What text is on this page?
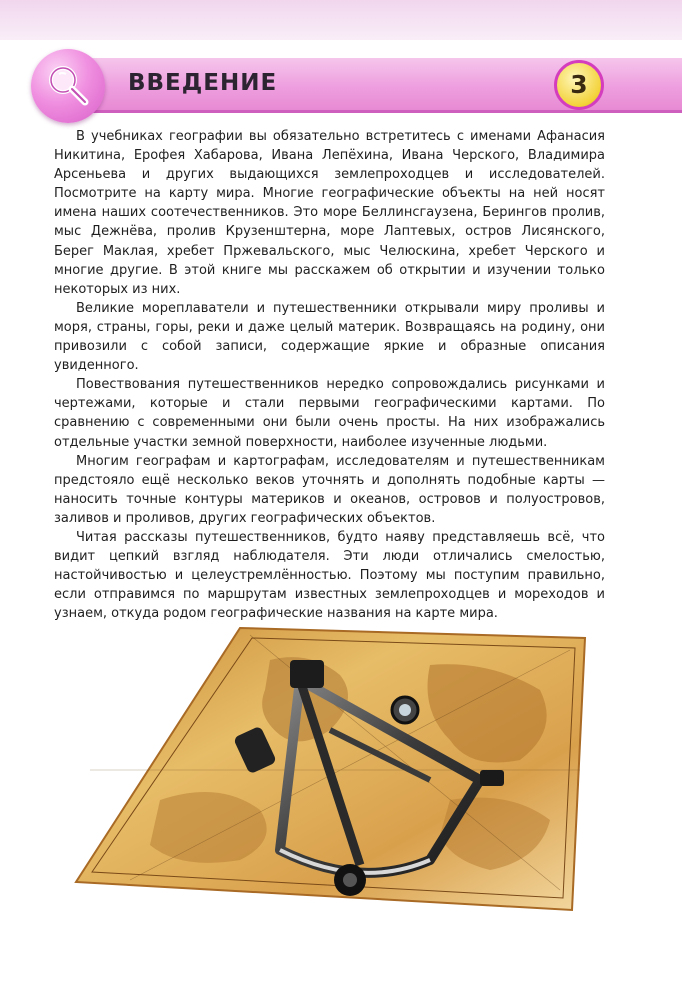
ВВЕДЕНИЕ	3

В учебниках географии вы обязательно встретитесь с именами Афанасия Никитина, Ерофея Хабарова, Ивана Лепёхина, Ивана Черского, Владимира Арсеньева и других выдающихся землепроходцев и исследователей. Посмотрите на карту мира. Многие географические объекты на ней носят имена наших соотечественников. Это море Беллинсгаузена, Берингов пролив, мыс Дежнёва, пролив Крузенштерна, море Лаптевых, остров Лисянского, Берег Маклая, хребет Пржевальского, мыс Челюскина, хребет Черского и многие другие. В этой книге мы расскажем об открытии и изучении только некоторых из них.

Великие мореплаватели и путешественники открывали миру проливы и моря, страны, горы, реки и даже целый материк. Возвращаясь на родину, они привозили с собой записи, содержащие яркие и образные описания увиденного.

Повествования путешественников нередко сопровождались рисунками и чертежами, которые и стали первыми географическими картами. По сравнению с современными они были очень просты. На них изображались отдельные участки земной поверхности, наиболее изученные людьми.

Многим географам и картографам, исследователям и путешественникам предстояло ещё несколько веков уточнять и дополнять подобные карты — наносить точные контуры материков и океанов, островов и полуостровов, заливов и проливов, других географических объектов.

Читая рассказы путешественников, будто наяву представляешь всё, что видит цепкий взгляд наблюдателя. Эти люди отличались смелостью, настойчивостью и целеустремлённостью. Поэтому мы поступим правильно, если отправимся по маршрутам известных землепроходцев и мореходов и узнаем, откуда родом географические названия на карте мира.
